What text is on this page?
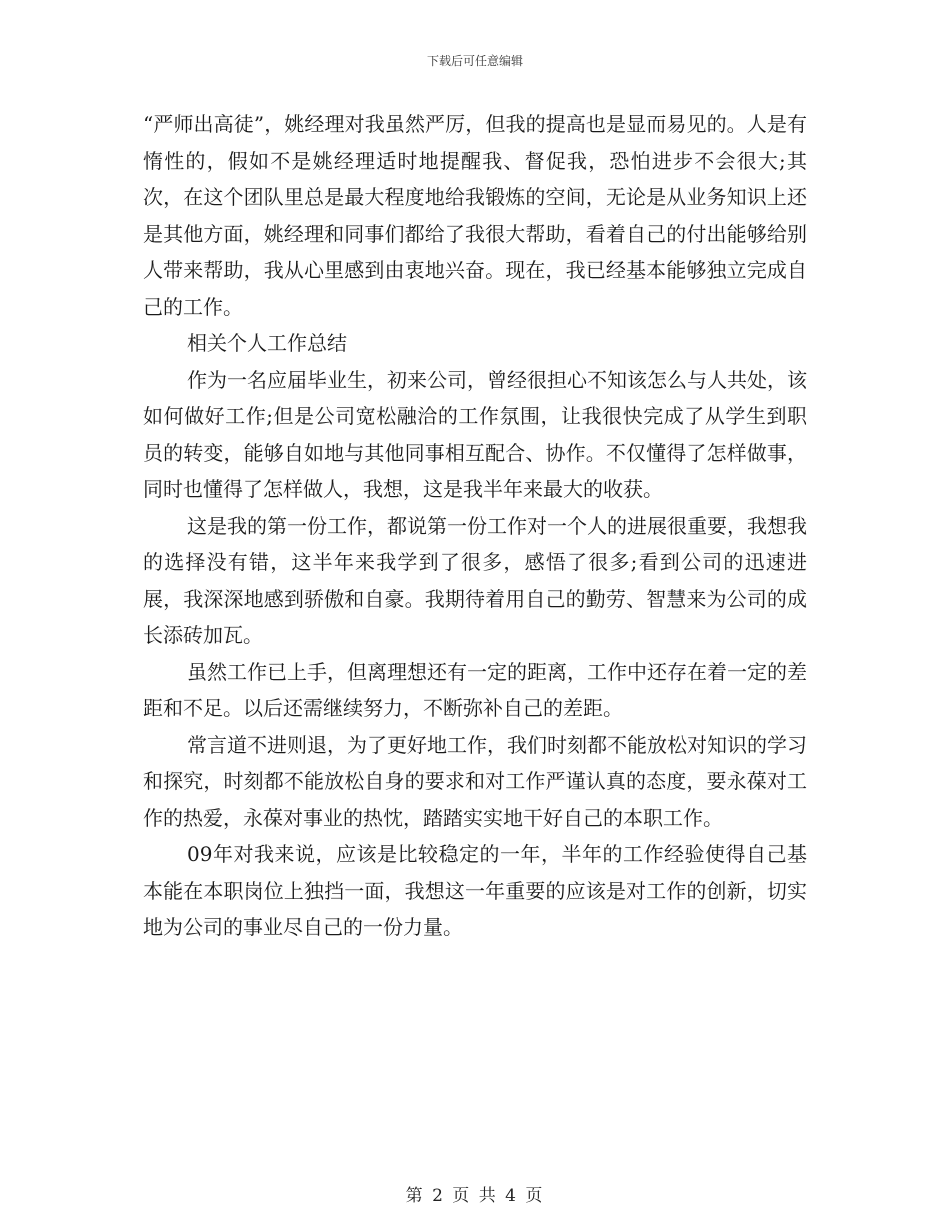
下载后可任意编辑

“严师出高徒”，姚经理对我虽然严厉，但我的提高也是显而易见的。人是有惰性的，假如不是姚经理适时地提醒我、督促我，恐怕进步不会很大;其次，在这个团队里总是最大程度地给我锻炼的空间，无论是从业务知识上还是其他方面，姚经理和同事们都给了我很大帮助，看着自己的付出能够给别人带来帮助，我从心里感到由衷地兴奋。现在，我已经基本能够独立完成自己的工作。

相关个人工作总结

作为一名应届毕业生，初来公司，曾经很担心不知该怎么与人共处，该如何做好工作;但是公司宽松融洽的工作氛围，让我很快完成了从学生到职员的转变，能够自如地与其他同事相互配合、协作。不仅懂得了怎样做事，同时也懂得了怎样做人，我想，这是我半年来最大的收获。

这是我的第一份工作，都说第一份工作对一个人的进展很重要，我想我的选择没有错，这半年来我学到了很多，感悟了很多;看到公司的迅速进展，我深深地感到骄傲和自豪。我期待着用自己的勤劳、智慧来为公司的成长添砖加瓦。

虽然工作已上手，但离理想还有一定的距离，工作中还存在着一定的差距和不足。以后还需继续努力，不断弥补自己的差距。

常言道不进则退，为了更好地工作，我们时刻都不能放松对知识的学习和探究，时刻都不能放松自身的要求和对工作严谨认真的态度，要永葆对工作的热爱，永葆对事业的热忱，踏踏实实地干好自己的本职工作。

09年对我来说，应该是比较稳定的一年，半年的工作经验使得自己基本能在本职岗位上独挡一面，我想这一年重要的应该是对工作的创新，切实地为公司的事业尽自己的一份力量。

第 2 页 共 4 页
